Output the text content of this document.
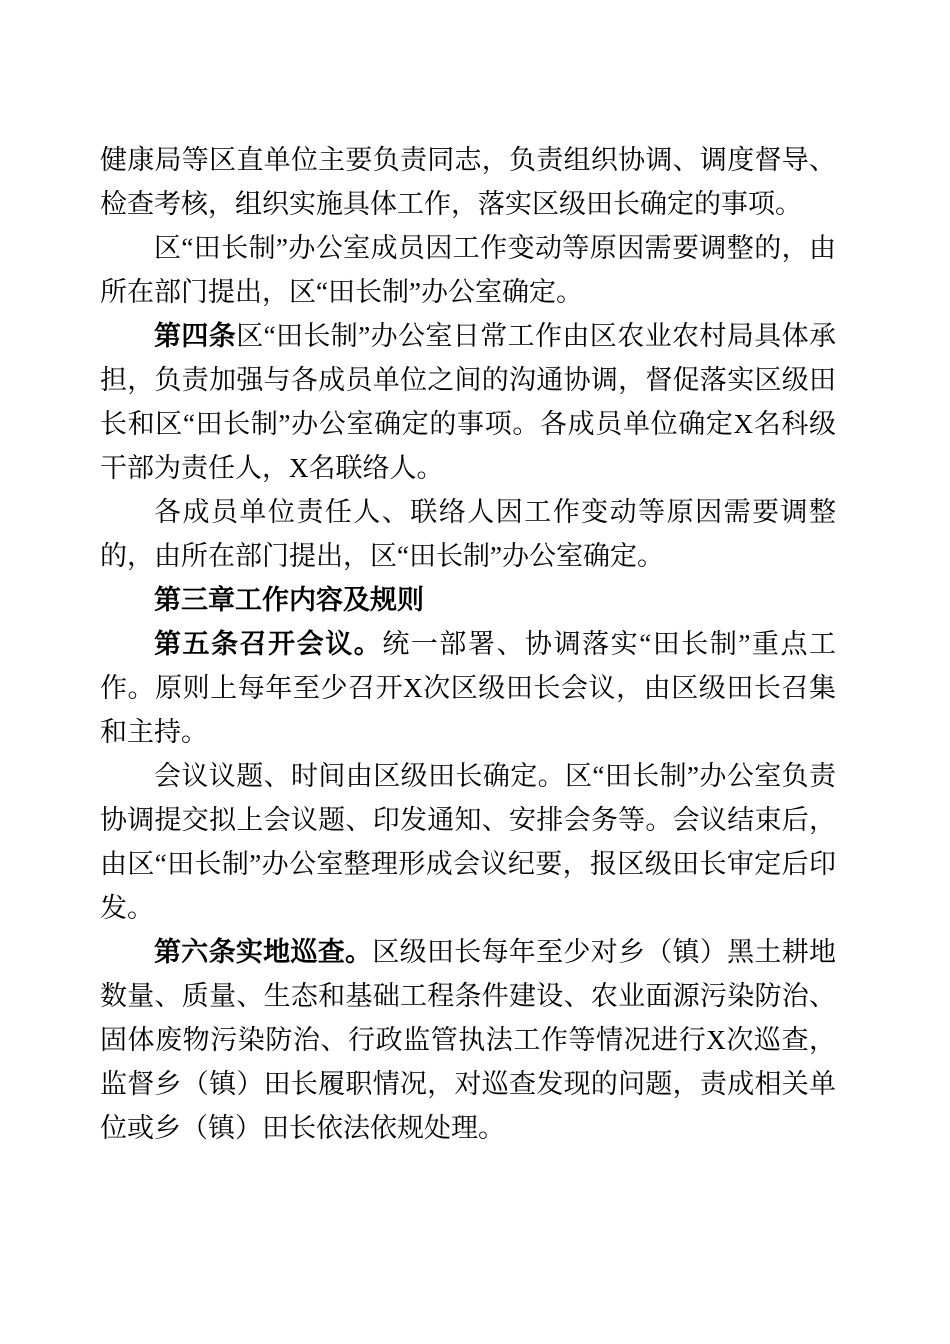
健康局等区直单位主要负责同志，负责组织协调、调度督导、检查考核，组织实施具体工作，落实区级田长确定的事项。

区“田长制”办公室成员因工作变动等原因需要调整的，由所在部门提出，区“田长制”办公室确定。

第四条区“田长制”办公室日常工作由区农业农村局具体承担，负责加强与各成员单位之间的沟通协调，督促落实区级田长和区“田长制”办公室确定的事项。各成员单位确定X名科级干部为责任人，X名联络人。

各成员单位责任人、联络人因工作变动等原因需要调整的，由所在部门提出，区“田长制”办公室确定。

第三章工作内容及规则

第五条召开会议。统一部署、协调落实“田长制”重点工作。原则上每年至少召开X次区级田长会议，由区级田长召集和主持。

会议议题、时间由区级田长确定。区“田长制”办公室负责协调提交拟上会议题、印发通知、安排会务等。会议结束后，由区“田长制”办公室整理形成会议纪要，报区级田长审定后印发。

第六条实地巡查。区级田长每年至少对乡（镇）黑土耕地数量、质量、生态和基础工程条件建设、农业面源污染防治、固体废物污染防治、行政监管执法工作等情况进行X次巡查，监督乡（镇）田长履职情况，对巡查发现的问题，责成相关单位或乡（镇）田长依法依规处理。
